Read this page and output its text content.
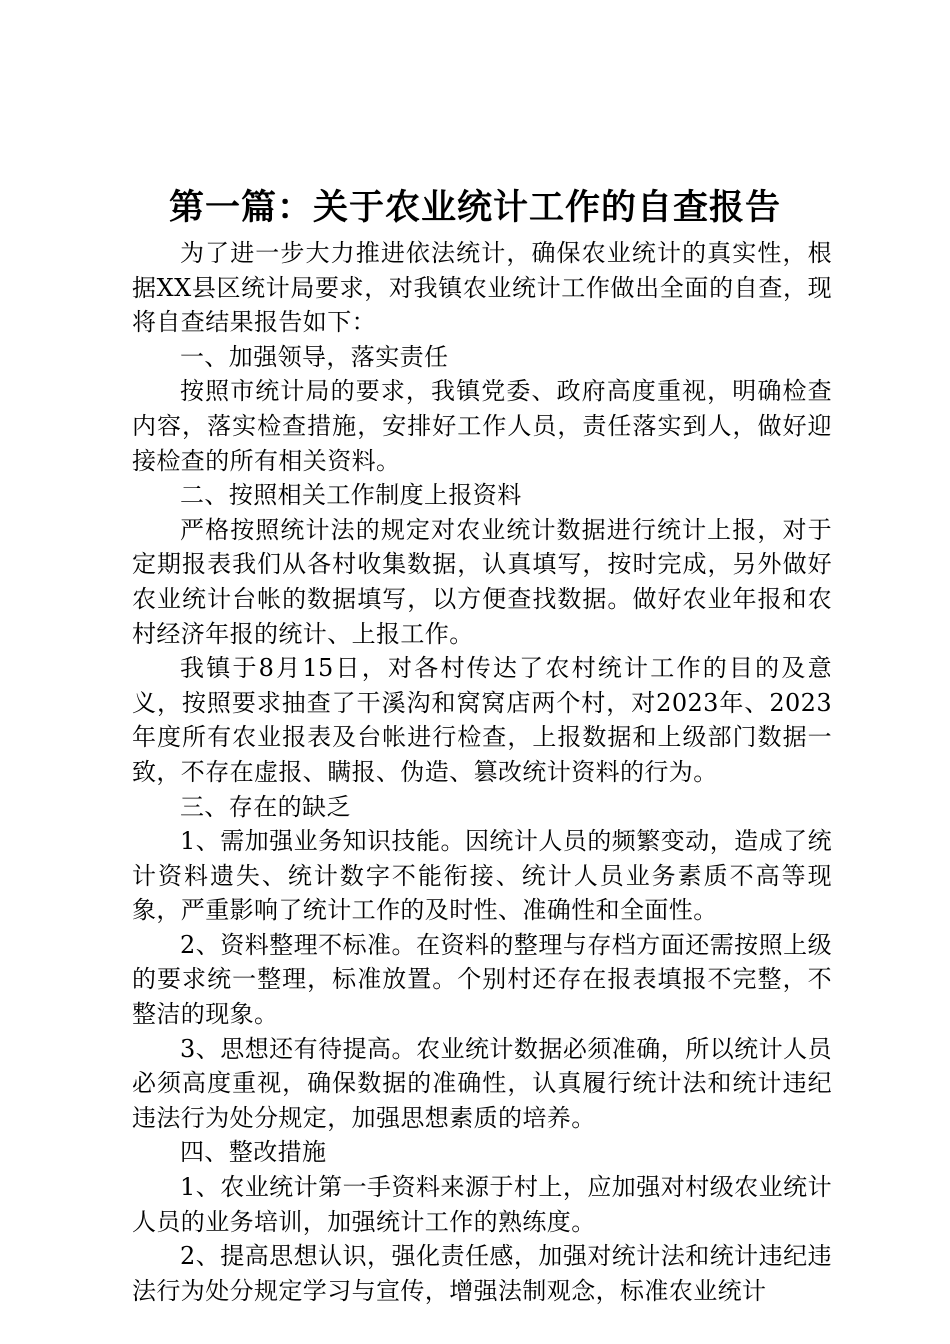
第一篇：关于农业统计工作的自查报告

为了进一步大力推进依法统计，确保农业统计的真实性，根据XX县区统计局要求，对我镇农业统计工作做出全面的自查，现将自查结果报告如下：

一、加强领导，落实责任

按照市统计局的要求，我镇党委、政府高度重视，明确检查内容，落实检查措施，安排好工作人员，责任落实到人，做好迎接检查的所有相关资料。

二、按照相关工作制度上报资料

严格按照统计法的规定对农业统计数据进行统计上报，对于定期报表我们从各村收集数据，认真填写，按时完成，另外做好农业统计台帐的数据填写，以方便查找数据。做好农业年报和农村经济年报的统计、上报工作。

我镇于8月15日，对各村传达了农村统计工作的目的及意义，按照要求抽查了干溪沟和窝窝店两个村，对2023年、2023年度所有农业报表及台帐进行检查，上报数据和上级部门数据一致，不存在虚报、瞒报、伪造、篡改统计资料的行为。

三、存在的缺乏

1、需加强业务知识技能。因统计人员的频繁变动，造成了统计资料遗失、统计数字不能衔接、统计人员业务素质不高等现象，严重影响了统计工作的及时性、准确性和全面性。

2、资料整理不标准。在资料的整理与存档方面还需按照上级的要求统一整理，标准放置。个别村还存在报表填报不完整，不整洁的现象。

3、思想还有待提高。农业统计数据必须准确，所以统计人员必须高度重视，确保数据的准确性，认真履行统计法和统计违纪违法行为处分规定，加强思想素质的培养。

四、整改措施

1、农业统计第一手资料来源于村上，应加强对村级农业统计人员的业务培训，加强统计工作的熟练度。

2、提高思想认识，强化责任感，加强对统计法和统计违纪违法行为处分规定学习与宣传，增强法制观念，标准农业统计
